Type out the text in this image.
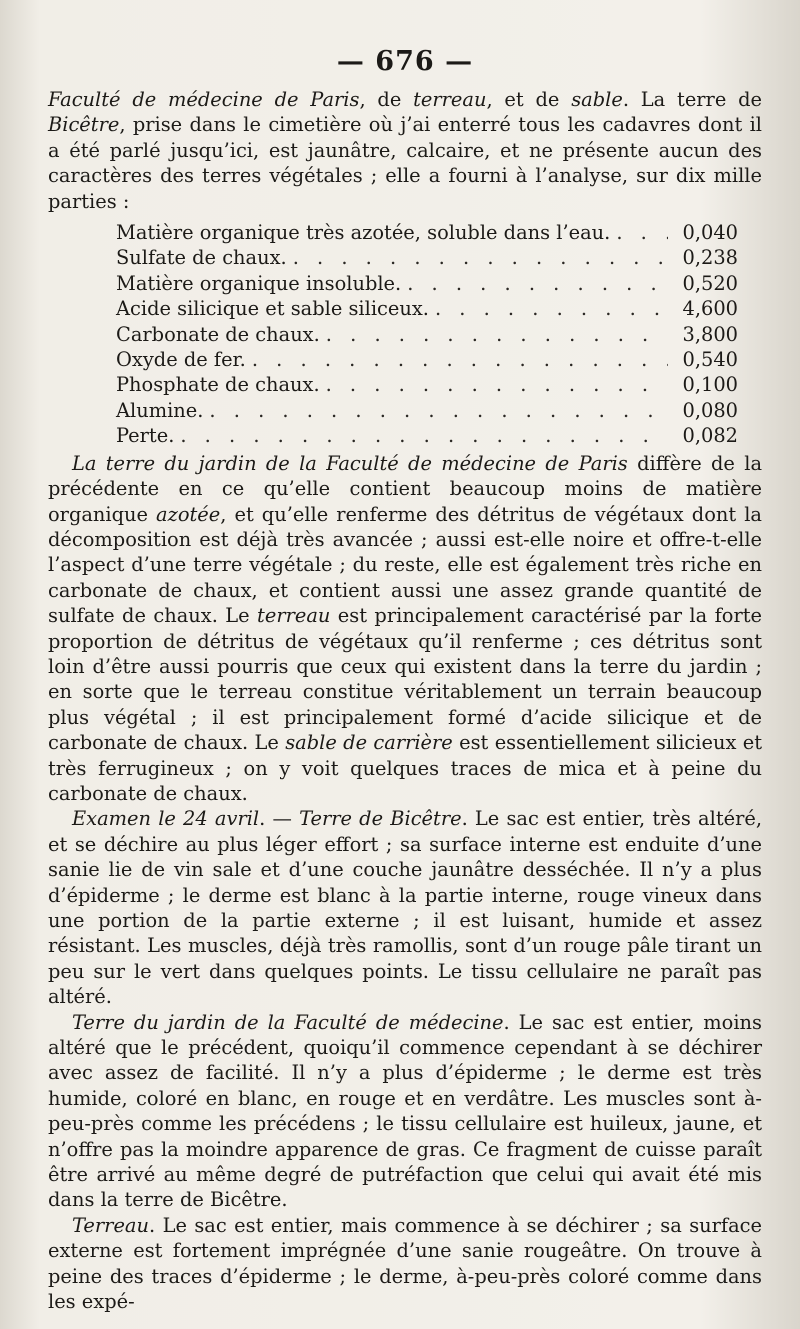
— 676 —

Faculté de médecine de Paris, de terreau, et de sable. La terre de Bicêtre, prise dans le cimetière où j’ai enterré tous les cadavres dont il a été parlé jusqu’ici, est jaunâtre, calcaire, et ne présente aucun des caractères des terres végétales ; elle a fourni à l’analyse, sur dix mille parties :

Matière organique très azotée, soluble dans l’eau. . . .	0,040
Sulfate de chaux. . . .	0,238
Matière organique insoluble. . . .	0,520
Acide silicique et sable siliceux. . . .	4,600
Carbonate de chaux. . . .	3,800
Oxyde de fer. . . .	0,540
Phosphate de chaux. . . .	0,100
Alumine. . . .	0,080
Perte. . . .	0,082

La terre du jardin de la Faculté de médecine de Paris diffère de la précédente en ce qu’elle contient beaucoup moins de matière organique azotée, et qu’elle renferme des détritus de végétaux dont la décomposition est déjà très avancée ; aussi est-elle noire et offre-t-elle l’aspect d’une terre végétale ; du reste, elle est également très riche en carbonate de chaux, et contient aussi une assez grande quantité de sulfate de chaux. Le terreau est principalement caractérisé par la forte proportion de détritus de végétaux qu’il renferme ; ces détritus sont loin d’être aussi pourris que ceux qui existent dans la terre du jardin ; en sorte que le terreau constitue véritablement un terrain beaucoup plus végétal ; il est principalement formé d’acide silicique et de carbonate de chaux. Le sable de carrière est essentiellement silicieux et très ferrugineux ; on y voit quelques traces de mica et à peine du carbonate de chaux.

Examen le 24 avril. — Terre de Bicêtre. Le sac est entier, très altéré, et se déchire au plus léger effort ; sa surface interne est enduite d’une sanie lie de vin sale et d’une couche jaunâtre desséchée. Il n’y a plus d’épiderme ; le derme est blanc à la partie interne, rouge vineux dans une portion de la partie externe ; il est luisant, humide et assez résistant. Les muscles, déjà très ramollis, sont d’un rouge pâle tirant un peu sur le vert dans quelques points. Le tissu cellulaire ne paraît pas altéré.

Terre du jardin de la Faculté de médecine. Le sac est entier, moins altéré que le précédent, quoiqu’il commence cependant à se déchirer avec assez de facilité. Il n’y a plus d’épiderme ; le derme est très humide, coloré en blanc, en rouge et en verdâtre. Les muscles sont à-peu-près comme les précédens ; le tissu cellulaire est huileux, jaune, et n’offre pas la moindre apparence de gras. Ce fragment de cuisse paraît être arrivé au même degré de putréfaction que celui qui avait été mis dans la terre de Bicêtre.

Terreau. Le sac est entier, mais commence à se déchirer ; sa surface externe est fortement imprégnée d’une sanie rougeâtre. On trouve à peine des traces d’épiderme ; le derme, à-peu-près coloré comme dans les expé-
